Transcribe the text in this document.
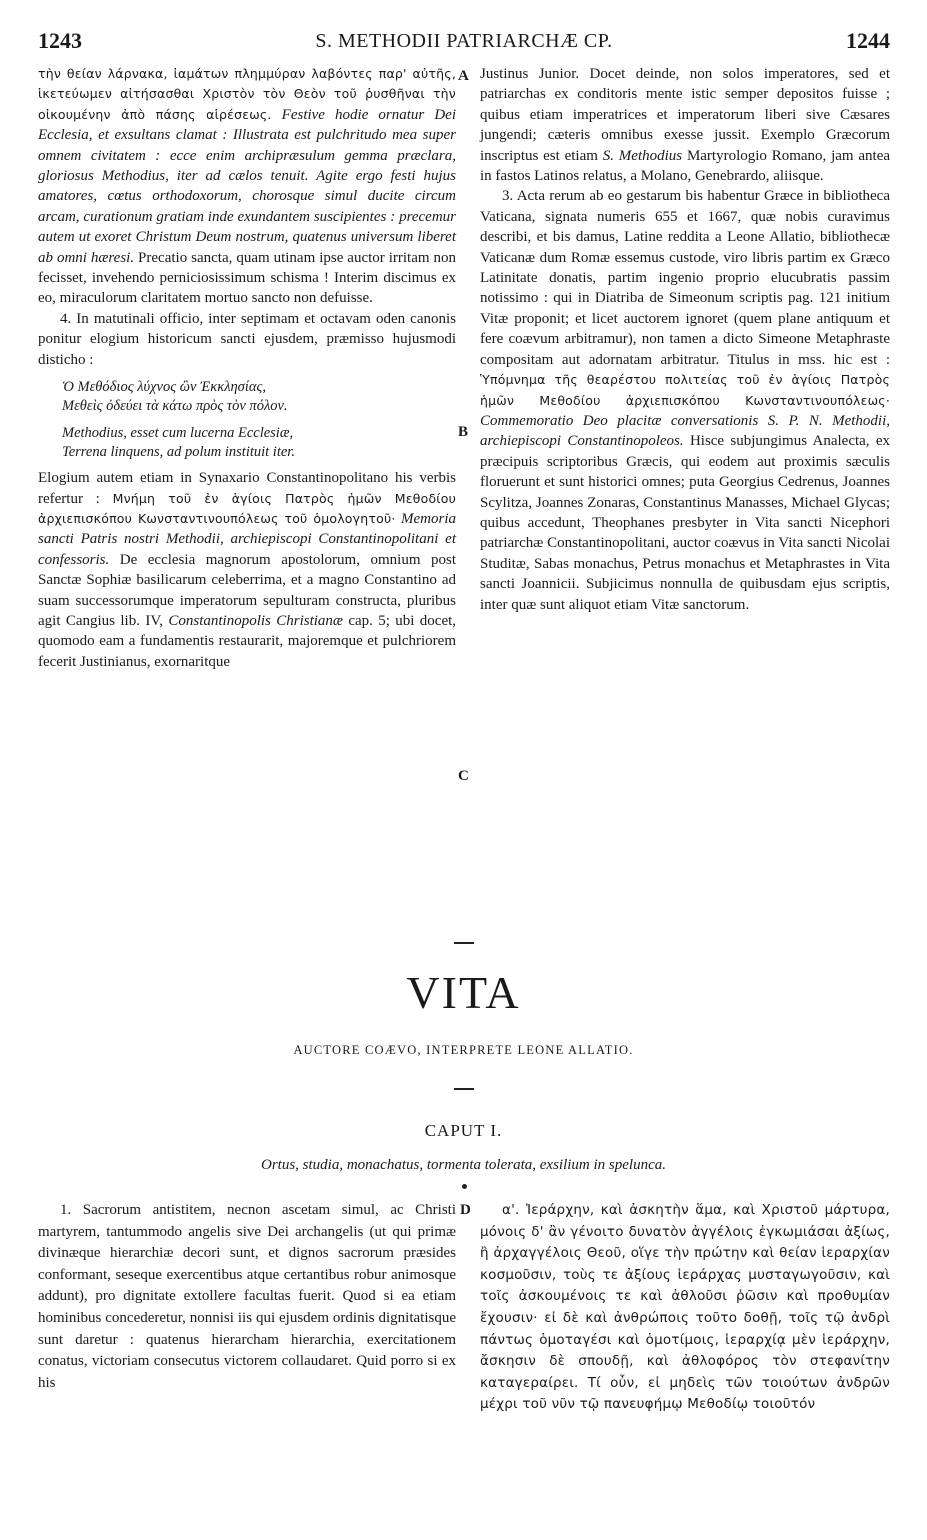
1243	S. METHODII PATRIARCHÆ CP.	1244
A
B
C
D

τὴν θείαν λάρνακα, ἰαμάτων πλημμύραν λαβόντες παρ' αὐτῆς, ἱκετεύωμεν αἰτήσασθαι Χριστὸν τὸν Θεὸν τοῦ ῥυσθῆναι τὴν οἰκουμένην ἀπὸ πάσης αἱρέσεως. Festive hodie ornatur Dei Ecclesia, et exsultans clamat : Illustrata est pulchritudo mea super omnem civitatem : ecce enim archipræsulum gemma præclara, gloriosus Methodius, iter ad cælos tenuit. Agite ergo festi hujus amatores, cœtus orthodoxorum, chorosque simul ducite circum arcam, curationum gratiam inde exundantem suscipientes : precemur autem ut exoret Christum Deum nostrum, quatenus universum liberet ab omni hæresi. Precatio sancta, quam utinam ipse auctor irritam non fecisset, invehendo perniciosissimum schisma ! Interim discimus ex eo, miraculorum claritatem mortuo sancto non defuisse.

4. In matutinali officio, inter septimam et octavam oden canonis ponitur elogium historicum sancti ejusdem, præmisso hujusmodi disticho :

Ὁ Μεθόδιος λύχνος ὢν Ἐκκλησίας,
Μεθεὶς ὀδεύει τὰ κάτω πρὸς τὸν πόλον.

Methodius, esset cum lucerna Ecclesiæ,
Terrena linquens, ad polum instituit iter.

Elogium autem etiam in Synaxario Constantinopolitano his verbis refertur : Μνήμη τοῦ ἐν ἁγίοις Πατρὸς ἡμῶν Μεθοδίου ἀρχιεπισκόπου Κωνσταντινουπόλεως τοῦ ὁμολογητοῦ· Memoria sancti Patris nostri Methodii, archiepiscopi Constantinopolitani et confessoris. De ecclesia magnorum apostolorum, omnium post Sanctæ Sophiæ basilicarum celeberrima, et a magno Constantino ad suam successorumque imperatorum sepulturam constructa, pluribus agit Cangius lib. IV, Constantinopolis Christianæ cap. 5; ubi docet, quomodo eam a fundamentis restaurarit, majoremque et pulchriorem fecerit Justinianus, exornaritque

Justinus Junior. Docet deinde, non solos imperatores, sed et patriarchas ex conditoris mente istic semper depositos fuisse ; quibus etiam imperatrices et imperatorum liberi sive Cæsares jungendi; cæteris omnibus exesse jussit. Exemplo Græcorum inscriptus est etiam S. Methodius Martyrologio Romano, jam antea in fastos Latinos relatus, a Molano, Genebrardo, aliisque.

3. Acta rerum ab eo gestarum bis habentur Græce in bibliotheca Vaticana, signata numeris 655 et 1667, quæ nobis curavimus describi, et bis damus, Latine reddita a Leone Allatio, bibliothecæ Vaticanæ dum Romæ essemus custode, viro libris partim ex Græco Latinitate donatis, partim ingenio proprio elucubratis passim notissimo : qui in Diatriba de Simeonum scriptis pag. 121 initium Vitæ proponit; et licet auctorem ignoret (quem plane antiquum et fere coævum arbitramur), non tamen a dicto Simeone Metaphraste compositam aut adornatam arbitratur. Titulus in mss. hic est : Ὑπόμνημα τῆς θεαρέστου πολιτείας τοῦ ἐν ἁγίοις Πατρὸς ἡμῶν Μεθοδίου ἀρχιεπισκόπου Κωνσταντινουπόλεως· Commemoratio Deo placitæ conversationis S. P. N. Methodii, archiepiscopi Constantinopoleos. Hisce subjungimus Analecta, ex præcipuis scriptoribus Græcis, qui eodem aut proximis sæculis floruerunt et sunt historici omnes; puta Georgius Cedrenus, Joannes Scylitza, Joannes Zonaras, Constantinus Manasses, Michael Glycas; quibus accedunt, Theophanes presbyter in Vita sancti Nicephori patriarchæ Constantinopolitani, auctor coævus in Vita sancti Nicolai Studitæ, Sabas monachus, Petrus monachus et Metaphrastes in Vita sancti Joannicii. Subjicimus nonnulla de quibusdam ejus scriptis, inter quæ sunt aliquot etiam Vitæ sanctorum.

VITA
AUCTORE COÆVO, INTERPRETE LEONE ALLATIO.
CAPUT I.
Ortus, studia, monachatus, tormenta tolerata, exsilium in spelunca.

1. Sacrorum antistitem, necnon ascetam simul, ac Christi martyrem, tantummodo angelis sive Dei archangelis (ut qui primæ divinæque hierarchiæ decori sunt, et dignos sacrorum præsides conformant, seseque exercentibus atque certantibus robur animosque addunt), pro dignitate extollere facultas fuerit. Quod si ea etiam hominibus concederetur, nonnisi iis qui ejusdem ordinis dignitatisque sunt daretur : quatenus hierarcham hierarchia, exercitationem conatus, victoriam consecutus victorem collaudaret. Quid porro si ex his

α'. Ἱεράρχην, καὶ ἀσκητὴν ἅμα, καὶ Χριστοῦ μάρτυρα, μόνοις δ' ἂν γένοιτο δυνατὸν ἀγγέλοις ἐγκωμιάσαι ἀξίως, ἢ ἀρχαγγέλοις Θεοῦ, οἵγε τὴν πρώτην καὶ θείαν ἱεραρχίαν κοσμοῦσιν, τοὺς τε ἀξίους ἱεράρχας μυσταγωγοῦσιν, καὶ τοῖς ἀσκουμένοις τε καὶ ἀθλοῦσι ῥῶσιν καὶ προθυμίαν ἔχουσιν· εἰ δὲ καὶ ἀνθρώποις τοῦτο δοθῇ, τοῖς τῷ ἀνδρὶ πάντως ὁμοταγέσι καὶ ὁμοτίμοις, ἱεραρχίᾳ μὲν ἱεράρχην, ἄσκησιν δὲ σπουδῇ, καὶ ἀθλοφόρος τὸν στεφανίτην καταγεραίρει. Τί οὖν, εἰ μηδεὶς τῶν τοιούτων ἀνδρῶν μέχρι τοῦ νῦν τῷ πανευφήμῳ Μεθοδίῳ τοιοῦτόν
